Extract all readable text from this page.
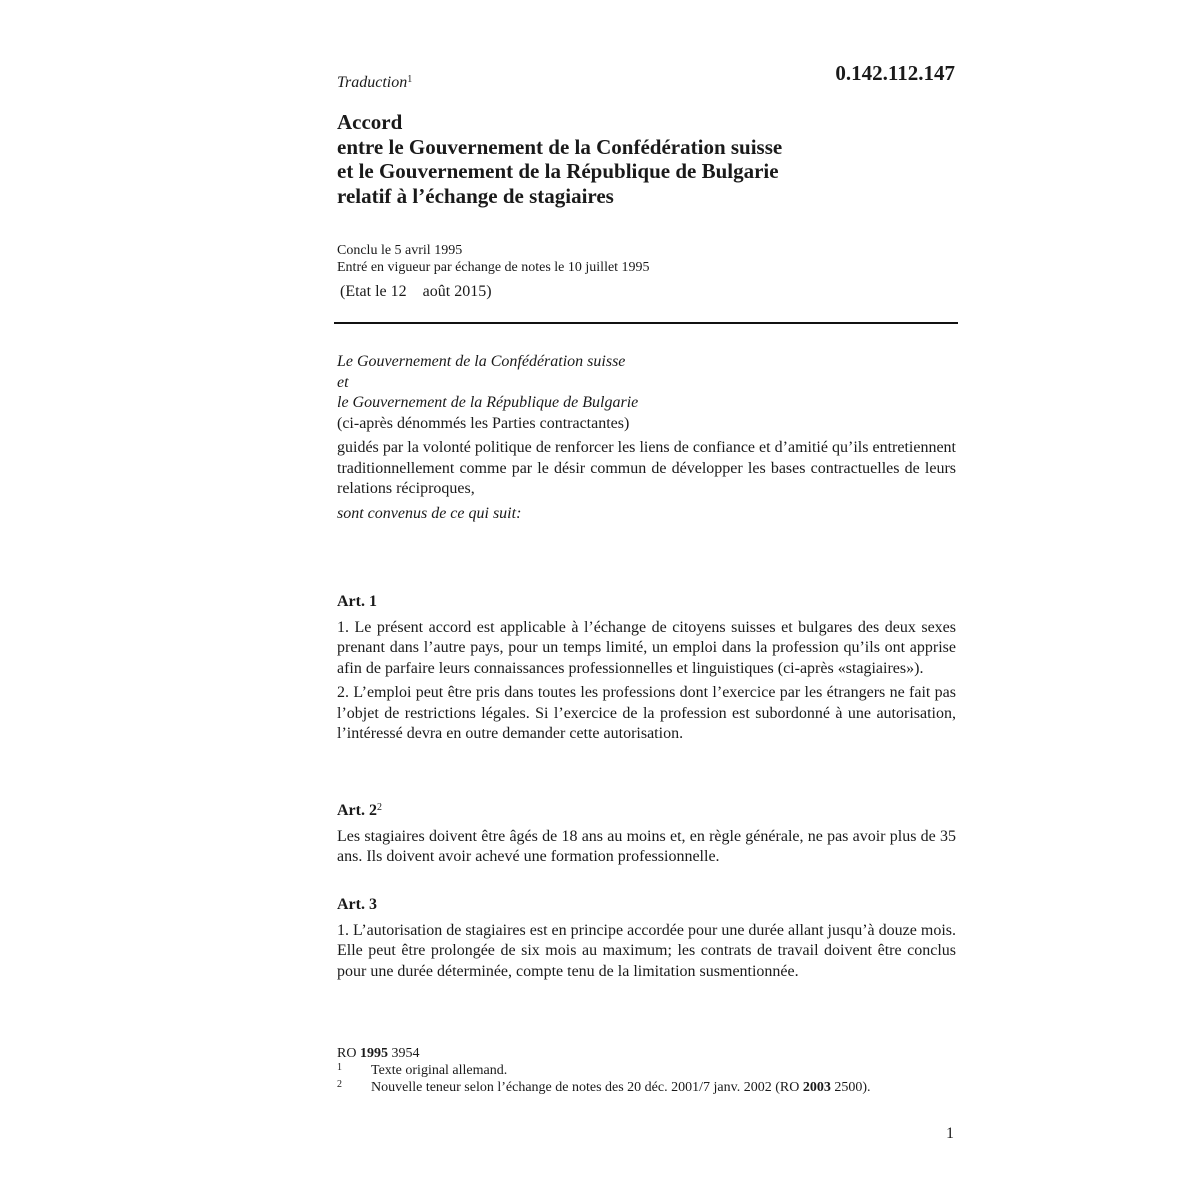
Traduction$^1$	0.142.112.147
Accord
entre le Gouvernement de la Confédération suisse
et le Gouvernement de la République de Bulgarie
relatif à l’échange de stagiaires
Conclu le 5 avril 1995
Entré en vigueur par échange de notes le 10 juillet 1995
(Etat le 12    août 2015)

Le Gouvernement de la Confédération suisse

et

le Gouvernement de la République de Bulgarie

(ci-après dénommés les Parties contractantes)

guidés par la volonté politique de renforcer les liens de confiance et d’amitié qu’ils entretiennent traditionnellement comme par le désir commun de développer les bases contractuelles de leurs relations réciproques,

sont convenus de ce qui suit:

Art. 1

1. Le présent accord est applicable à l’échange de citoyens suisses et bulgares des deux sexes prenant dans l’autre pays, pour un temps limité, un emploi dans la profession qu’ils ont apprise afin de parfaire leurs connaissances professionnelles et linguistiques (ci-après «stagiaires»).

2. L’emploi peut être pris dans toutes les professions dont l’exercice par les étrangers ne fait pas l’objet de restrictions légales. Si l’exercice de la profession est subordonné à une autorisation, l’intéressé devra en outre demander cette autorisation.

Art. $2^2$

Les stagiaires doivent être âgés de 18 ans au moins et, en règle générale, ne pas avoir plus de 35 ans. Ils doivent avoir achevé une formation professionnelle.

Art. 3

1. L’autorisation de stagiaires est en principe accordée pour une durée allant jusqu’à douze mois. Elle peut être prolongée de six mois au maximum; les contrats de travail doivent être conclus pour une durée déterminée, compte tenu de la limitation susmentionnée.

RO 1995 3954
1	Texte original allemand.
2	Nouvelle teneur selon l’échange de notes des 20 déc. 2001/7 janv. 2002 (RO 2003 2500).
1
